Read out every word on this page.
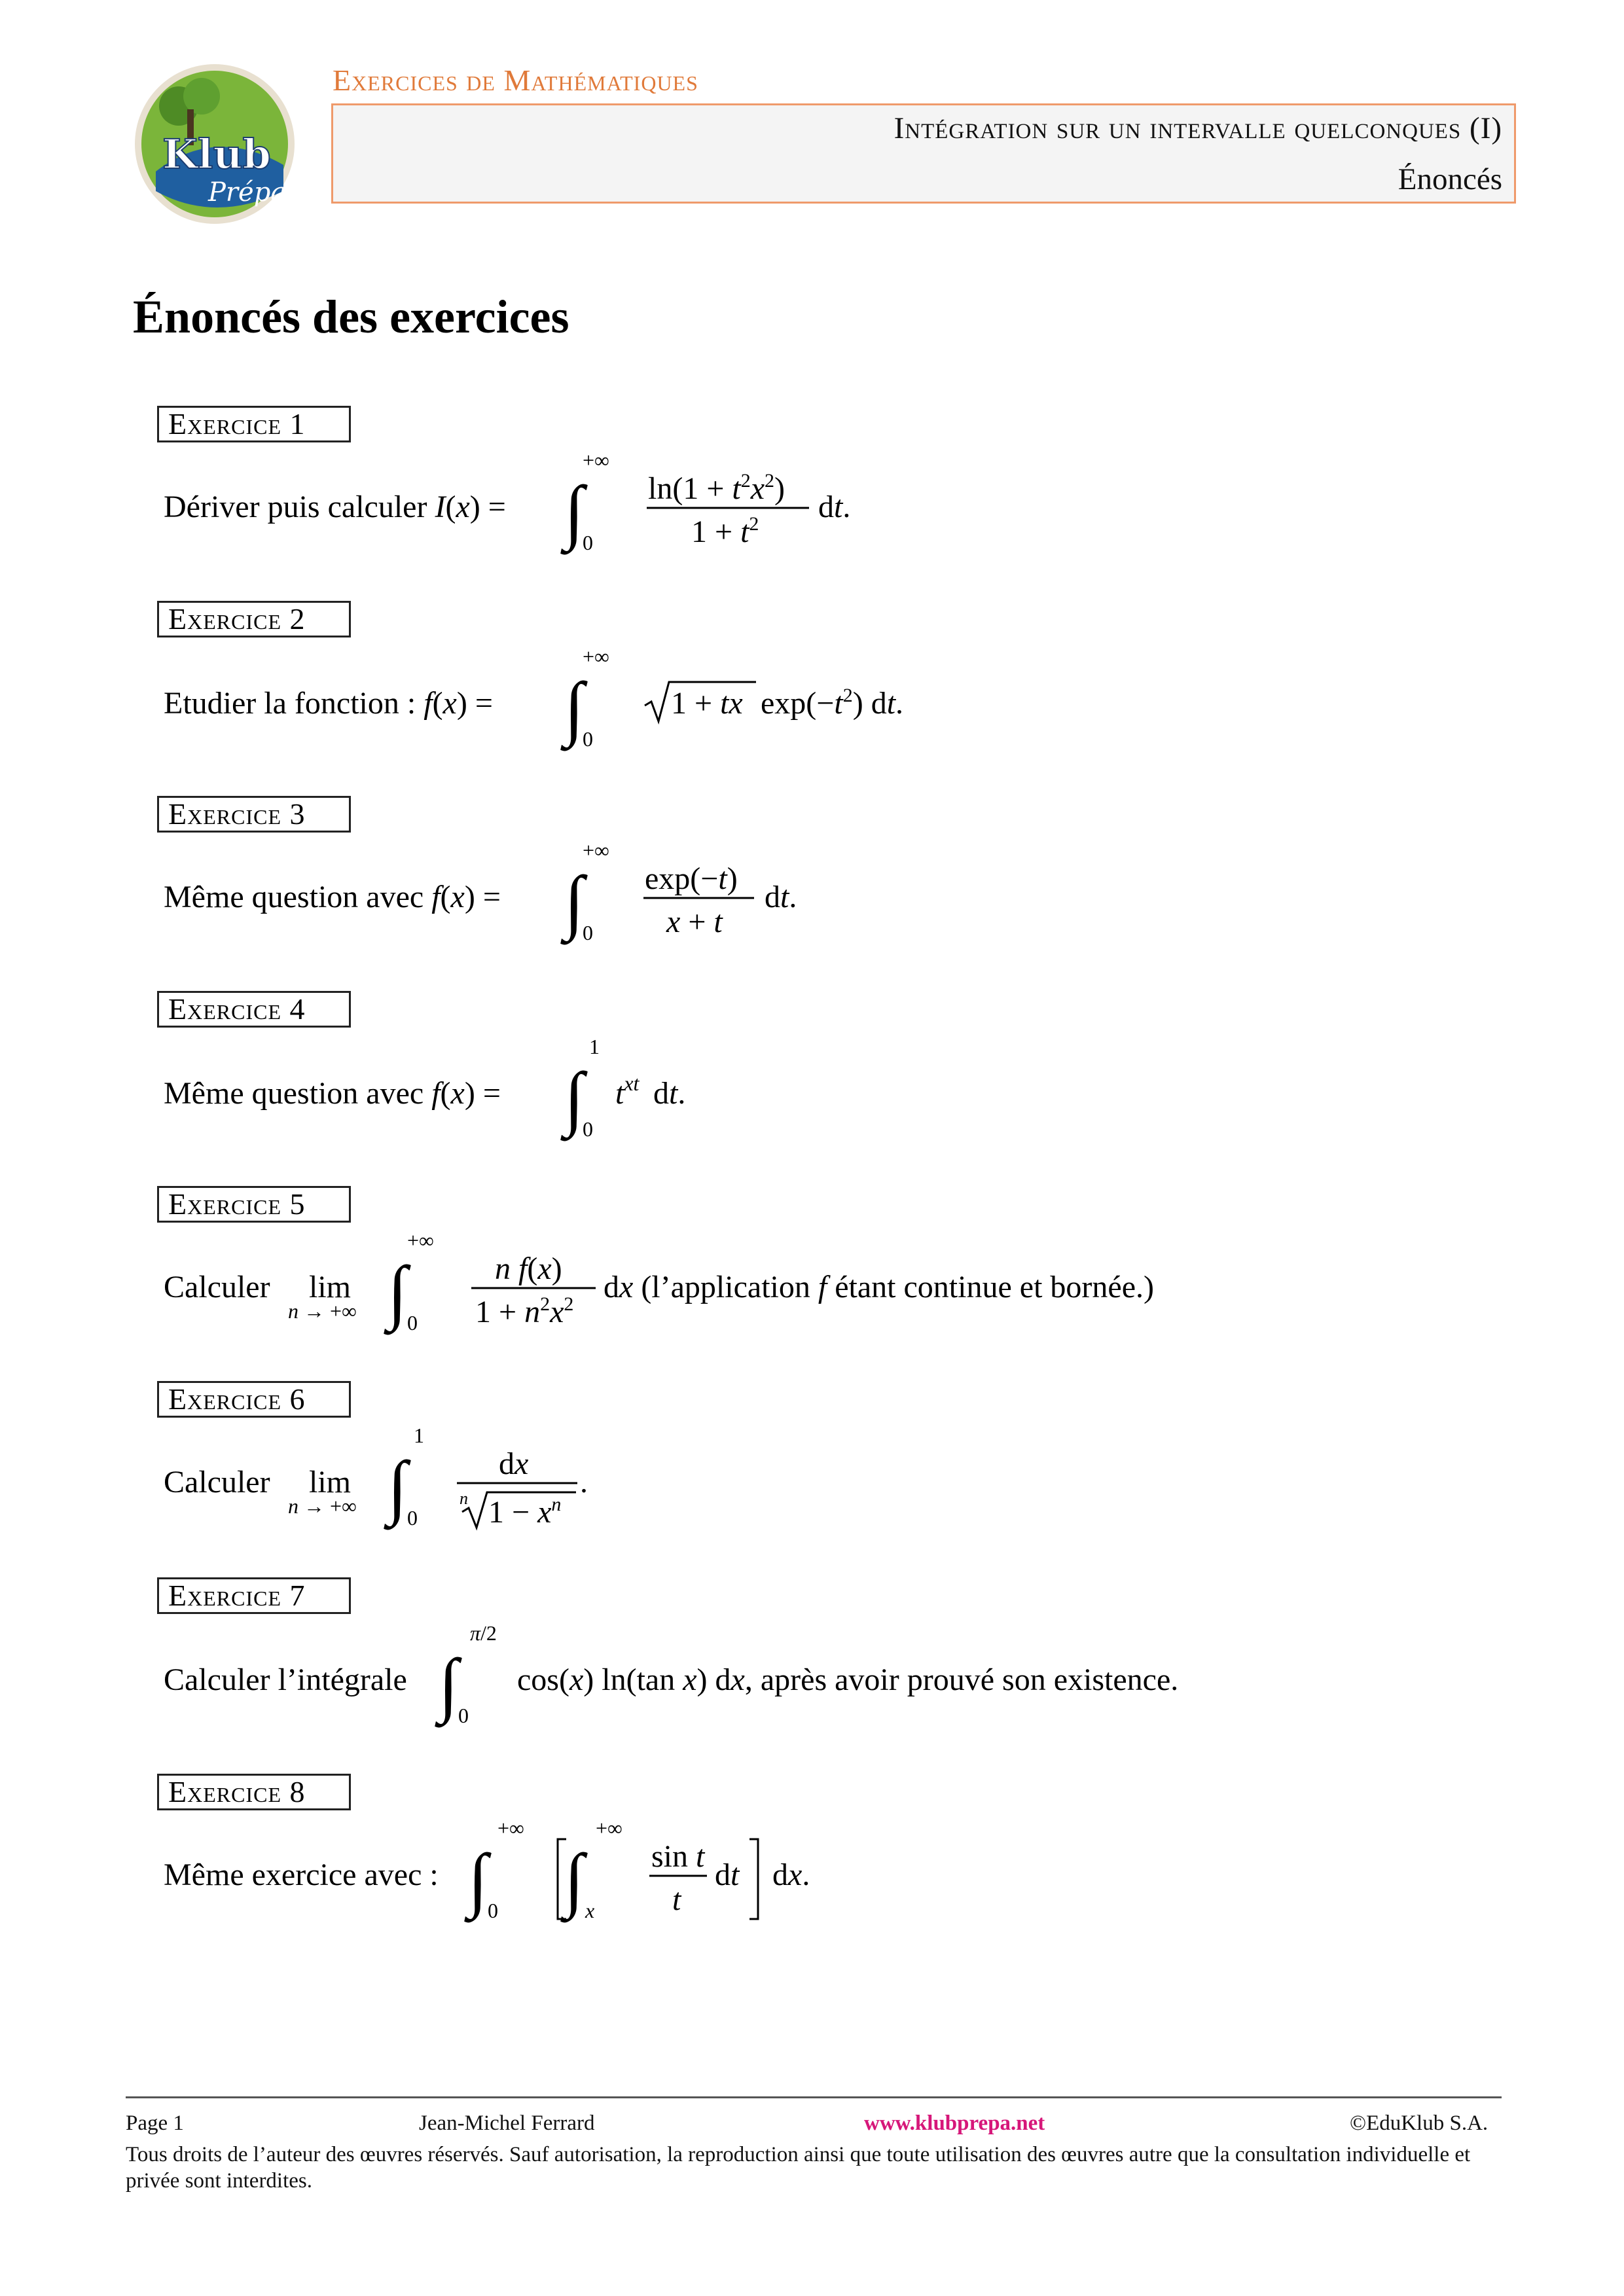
Klub
Prépa
Exercices de Mathématiques
Intégration sur un intervalle quelconques (I)
Énoncés
Énoncés des exercices
Exercice 1
Dériver puis calculer I(x) = ∫
+∞
0
$\ln(1 + t^2x^2)$
$1 + t^2$ dt.
Exercice 2
Etudier la fonction : f(x) = ∫
+∞
0
1 + tx $\exp(-t^2)$ dt.
Exercice 3
Même question avec f(x) = ∫
+∞
0
exp(−t)
x + t
dt.
Exercice 4
Même question avec f(x) = ∫
1
0
$t^{xt}$ dt.
Exercice 5
Calculer lim
n → +∞ ∫
+∞
0
n f(x)
$1 + n^2x^2$ dx (l’application f étant continue et bornée.)
Exercice 6
Calculer lim
n → +∞ ∫
1
0
dx
n $1 - x^n$
.
Exercice 7
Calculer l’intégrale ∫
π/2
0
cos(x) ln(tan x) dx, après avoir prouvé son existence.
Exercice 8
Même exercice avec : ∫
+∞
0 ∫
+∞
x
sin t
t
dt dx.
Page 1	Jean-Michel Ferrard	www.klubprepa.net	©EduKlub S.A.
Tous droits de l’auteur des œuvres réservés. Sauf autorisation, la reproduction ainsi que toute utilisation des œuvres autre que la consultation individuelle et privée sont interdites.
